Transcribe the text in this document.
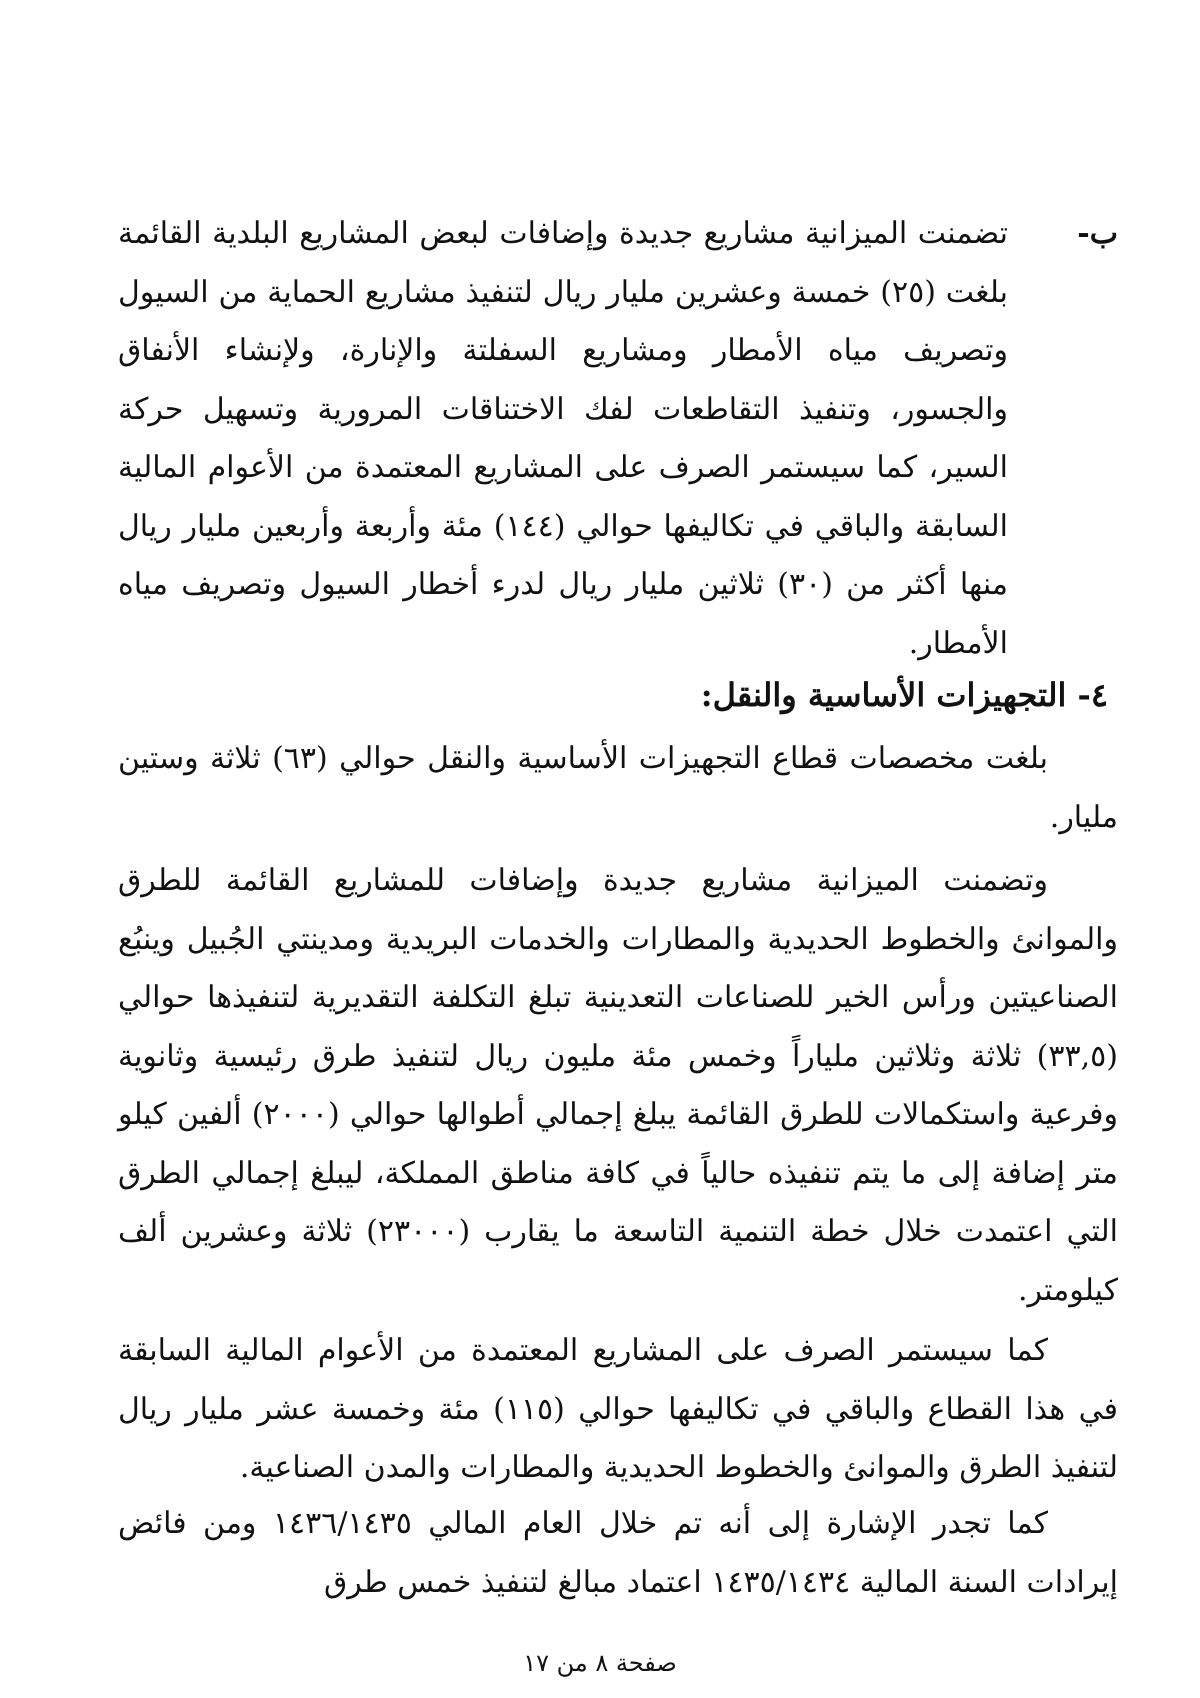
ب-
تضمنت الميزانية مشاريع جديدة وإضافات لبعض المشاريع البلدية القائمة بلغت (٢٥) خمسة وعشرين مليار ريال لتنفيذ مشاريع الحماية من السيول وتصريف مياه الأمطار ومشاريع السفلتة والإنارة، ولإنشاء الأنفاق والجسور، وتنفيذ التقاطعات لفك الاختناقات المرورية وتسهيل حركة السير، كما سيستمر الصرف على المشاريع المعتمدة من الأعوام المالية السابقة والباقي في تكاليفها حوالي (١٤٤) مئة وأربعة وأربعين مليار ريال منها أكثر من (٣٠) ثلاثين مليار ريال لدرء أخطار السيول وتصريف مياه الأمطار.
٤- التجهيزات الأساسية والنقل:
بلغت مخصصات قطاع التجهيزات الأساسية والنقل حوالي (٦٣) ثلاثة وستين مليار.
وتضمنت الميزانية مشاريع جديدة وإضافات للمشاريع القائمة للطرق والموانئ والخطوط الحديدية والمطارات والخدمات البريدية ومدينتي الجُبيل وينبُع الصناعيتين ورأس الخير للصناعات التعدينية تبلغ التكلفة التقديرية لتنفيذها حوالي (٣٣,٥) ثلاثة وثلاثين ملياراً وخمس مئة مليون ريال لتنفيذ طرق رئيسية وثانوية وفرعية واستكمالات للطرق القائمة يبلغ إجمالي أطوالها حوالي (٢٠٠٠) ألفين كيلو متر إضافة إلى ما يتم تنفيذه حالياً في كافة مناطق المملكة، ليبلغ إجمالي الطرق التي اعتمدت خلال خطة التنمية التاسعة ما يقارب (٢٣٠٠٠) ثلاثة وعشرين ألف كيلومتر.
كما سيستمر الصرف على المشاريع المعتمدة من الأعوام المالية السابقة في هذا القطاع والباقي في تكاليفها حوالي (١١٥) مئة وخمسة عشر مليار ريال لتنفيذ الطرق والموانئ والخطوط الحديدية والمطارات والمدن الصناعية.
كما تجدر الإشارة إلى أنه تم خلال العام المالي ١٤٣٦/١٤٣٥ ومن فائض إيرادات السنة المالية ١٤٣٥/١٤٣٤ اعتماد مبالغ لتنفيذ خمس طرق
صفحة ٨ من ١٧
